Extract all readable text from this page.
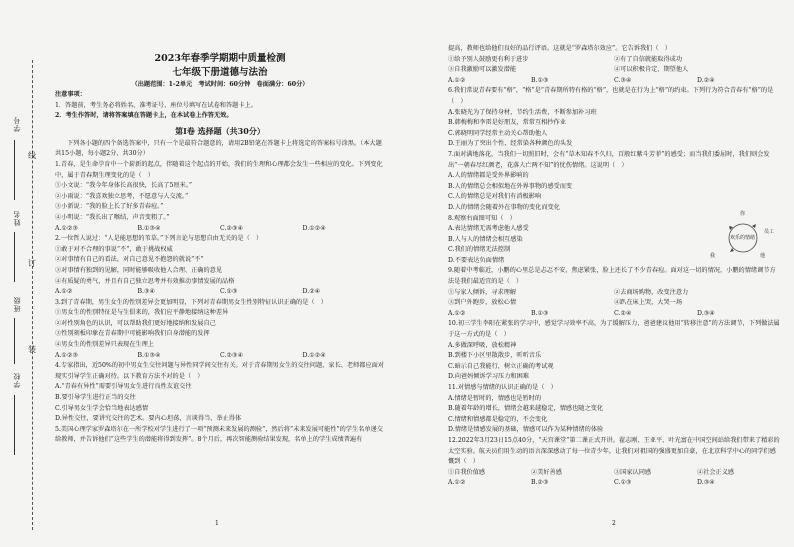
学号
姓名
班级
学校
线
订
装
2023年春季学期期中质量检测
七年级下册道德与法治
（出题范围：1-2单元　考试时间：60分钟　卷面满分：60分）
注意事项：
1．答题前，考生务必将姓名、准考证号、座位号填写在试卷和答题卡上。
2．考生作答时，请将答案填在答题卡上，在本试卷上作答无效。
第Ⅰ卷 选择题（共30分）
下列各小题的四个备选答案中，只有一个是最符合题意的，请用2B铅笔在答题卡上将选定的答案标号涂黑。（本大题共15小题，每小题2分，共30分）
1.青春，是生命孕育中一个崭新的起点，伴随着这个起点的开始，我们的生理和心理都会发生一些相应的变化。下列变化中，属于青春期生理变化的是（　）
①小文说：“我今年身体长高很快，长高了5厘米。”
②小雨说：“我喜欢独立思考，不愿意与人交流。”
③小新说：“我的脸上长了好多青春痘。”
④小明说：“我长出了喉结，声音变粗了。”
A.①②③	B.①③④	C.②③④	D.①②④
2.一位哲人说过：“人是能思想的苇草。”下列言论与思想自由无关的是（　）
①敢于对不合理的事说“不”，敢于挑战权威
②对事情有自己的看法，对自己意见不抱怨的就说“不”
③对事情有独到的见解，同时能够吸收他人合理、正确的意见
④有质疑的勇气，并且有自己独立思考并有效推动事情发展的品格
A.①②	B.③④	C.①③	D.②④
3.到了青春期，男生女生的性别差异会更加明显，下列对青春期男女生性别特征认识正确的是（　）
①男女生的性别特征是与生俱来的，我们应平静地接纳这种差异
②对性别角色的认识，可以帮助我们更好地接纳和发展自己
③性别刻板印象在青春期中可能影响我们自身潜能的发挥
④男女生的性别差异只表现在生理上
A.①②③	B.①③④	C.②③④	D.①②④
4.专家指出，近50%的初中男女生交往问题与异性同学间交往有关。对于青春期男女生的交往问题，家长、老师都应面对现实引导学生正确对待。以下教育方法不对的是（　）
A.“青春有异性”需要引导男女生进行良性友谊交往
B.要引导学生进行正当的交往
C.引导男女生学会恰当地表达感情
D.异性交往，要讲究交往的艺术。要内心坦荡、言谈得当、举止得体
5.美国心理学家罗森塔尔在一所学校对学生进行了一项“预测未来发展的测验”，然后将“未来发展可能性”的学生名单递交给教师，并告诉他们“这些学生的潜能将得到发挥”。8个月后，再次智能测验结果发现，名单上的学生成绩普遍有
提高，教师也给他们良好的品行评语。这就是“罗森塔尔效应”。它告诉我们（　）
①给予别人鼓励更有利于进步	②有了自信就能取得成功
③自我激励可以激发潜能	④可以积极肯定、期望他人
A.①②	B.①③	C.③④	D.②④
6.我们常说青春要有“格”，“格”是“青春期所特有格的“格”，也就是在行为上“格”的约束。下列行为符合青春有“格”的是（　）
A.张晓光为了保持身材，节约生活费，不断参加补习班
B.韩梅梅和李雷是好朋友，常常互相抄作业
C.郭晓明同学经常主动关心帮助他人
D.王丽为了突出个性，经常染各种颜色的头发
7.面对满地落花，当我们一切照旧时，会有“草木知春不久归，百般红紫斗芳菲”的感受；而当我们委屈时，我们则会发出“一朝春尽红颜老，花落人亡两不知”的忧伤情绪。这说明（　）
A.人的情绪都是受外界影响的
B.人的情绪总会相似地在外界事物的感受而变
C.人的情绪总是对我们有消极影响
D.人的情绪会随着外在事物的变化而变化
8.观察右面图可知（　）
A.表达情绪无需考虑他人感受
B.人与人的情绪会相互感染
C.我们的情绪无法控制
D.不要表达负面情绪
9.随着中考临近，小鹏的心里总是忐忑不安，焦虑紧张，脸上还长了不少青春痘。面对这一切的情况，小鹏的情绪调节方法是我们最适宜的是（　）
①与家人倾诉，寻求理解	②去商场购物，改变注意力
③到户外跑步，放松心情	④趴在床上哭，大哭一场
A.①②	B.①③	C.②④	D.③④
10.初三学生李阳在紧张的学习中，感觉学习效率不高，为了缓解压力，爸爸建议他用“转移注意”的方法调节，下列做法属于这一方式的是（　）
A.多做深呼吸，放松精神
B.到楼下小区里散散步，听听音乐
C.暗示自己我能行，树立正确的考试观
D.向爸妈倾诉学习压力和困难
11.对情感与情绪的认识正确的是（　）
A.情绪是暂时的，情感也是暂时的
B.随着年龄的增长，情绪会越来越稳定，情感也随之变化
C.情绪和情感都是稳定的，不会变化
D.情绪是情感发展的基础，情感可以作为某种情绪的体验
12.2022年3月23日15点40分，“天宫课堂”第二课正式开讲。翟志刚、王亚平、叶光富在中国空间站给我们带来了精彩的太空实验。航天员们用生动的语言深深感动了每一位青少年，让我们对祖国的强盛更加自豪，在北京科学中心的同学们感慨到（　）
①自我价值感	②美好善感	③国家认同感	④社会正义感
A.①②	B.②③	C.①③	D.③④
欢乐的情绪
你
我	他
员工
1	2
